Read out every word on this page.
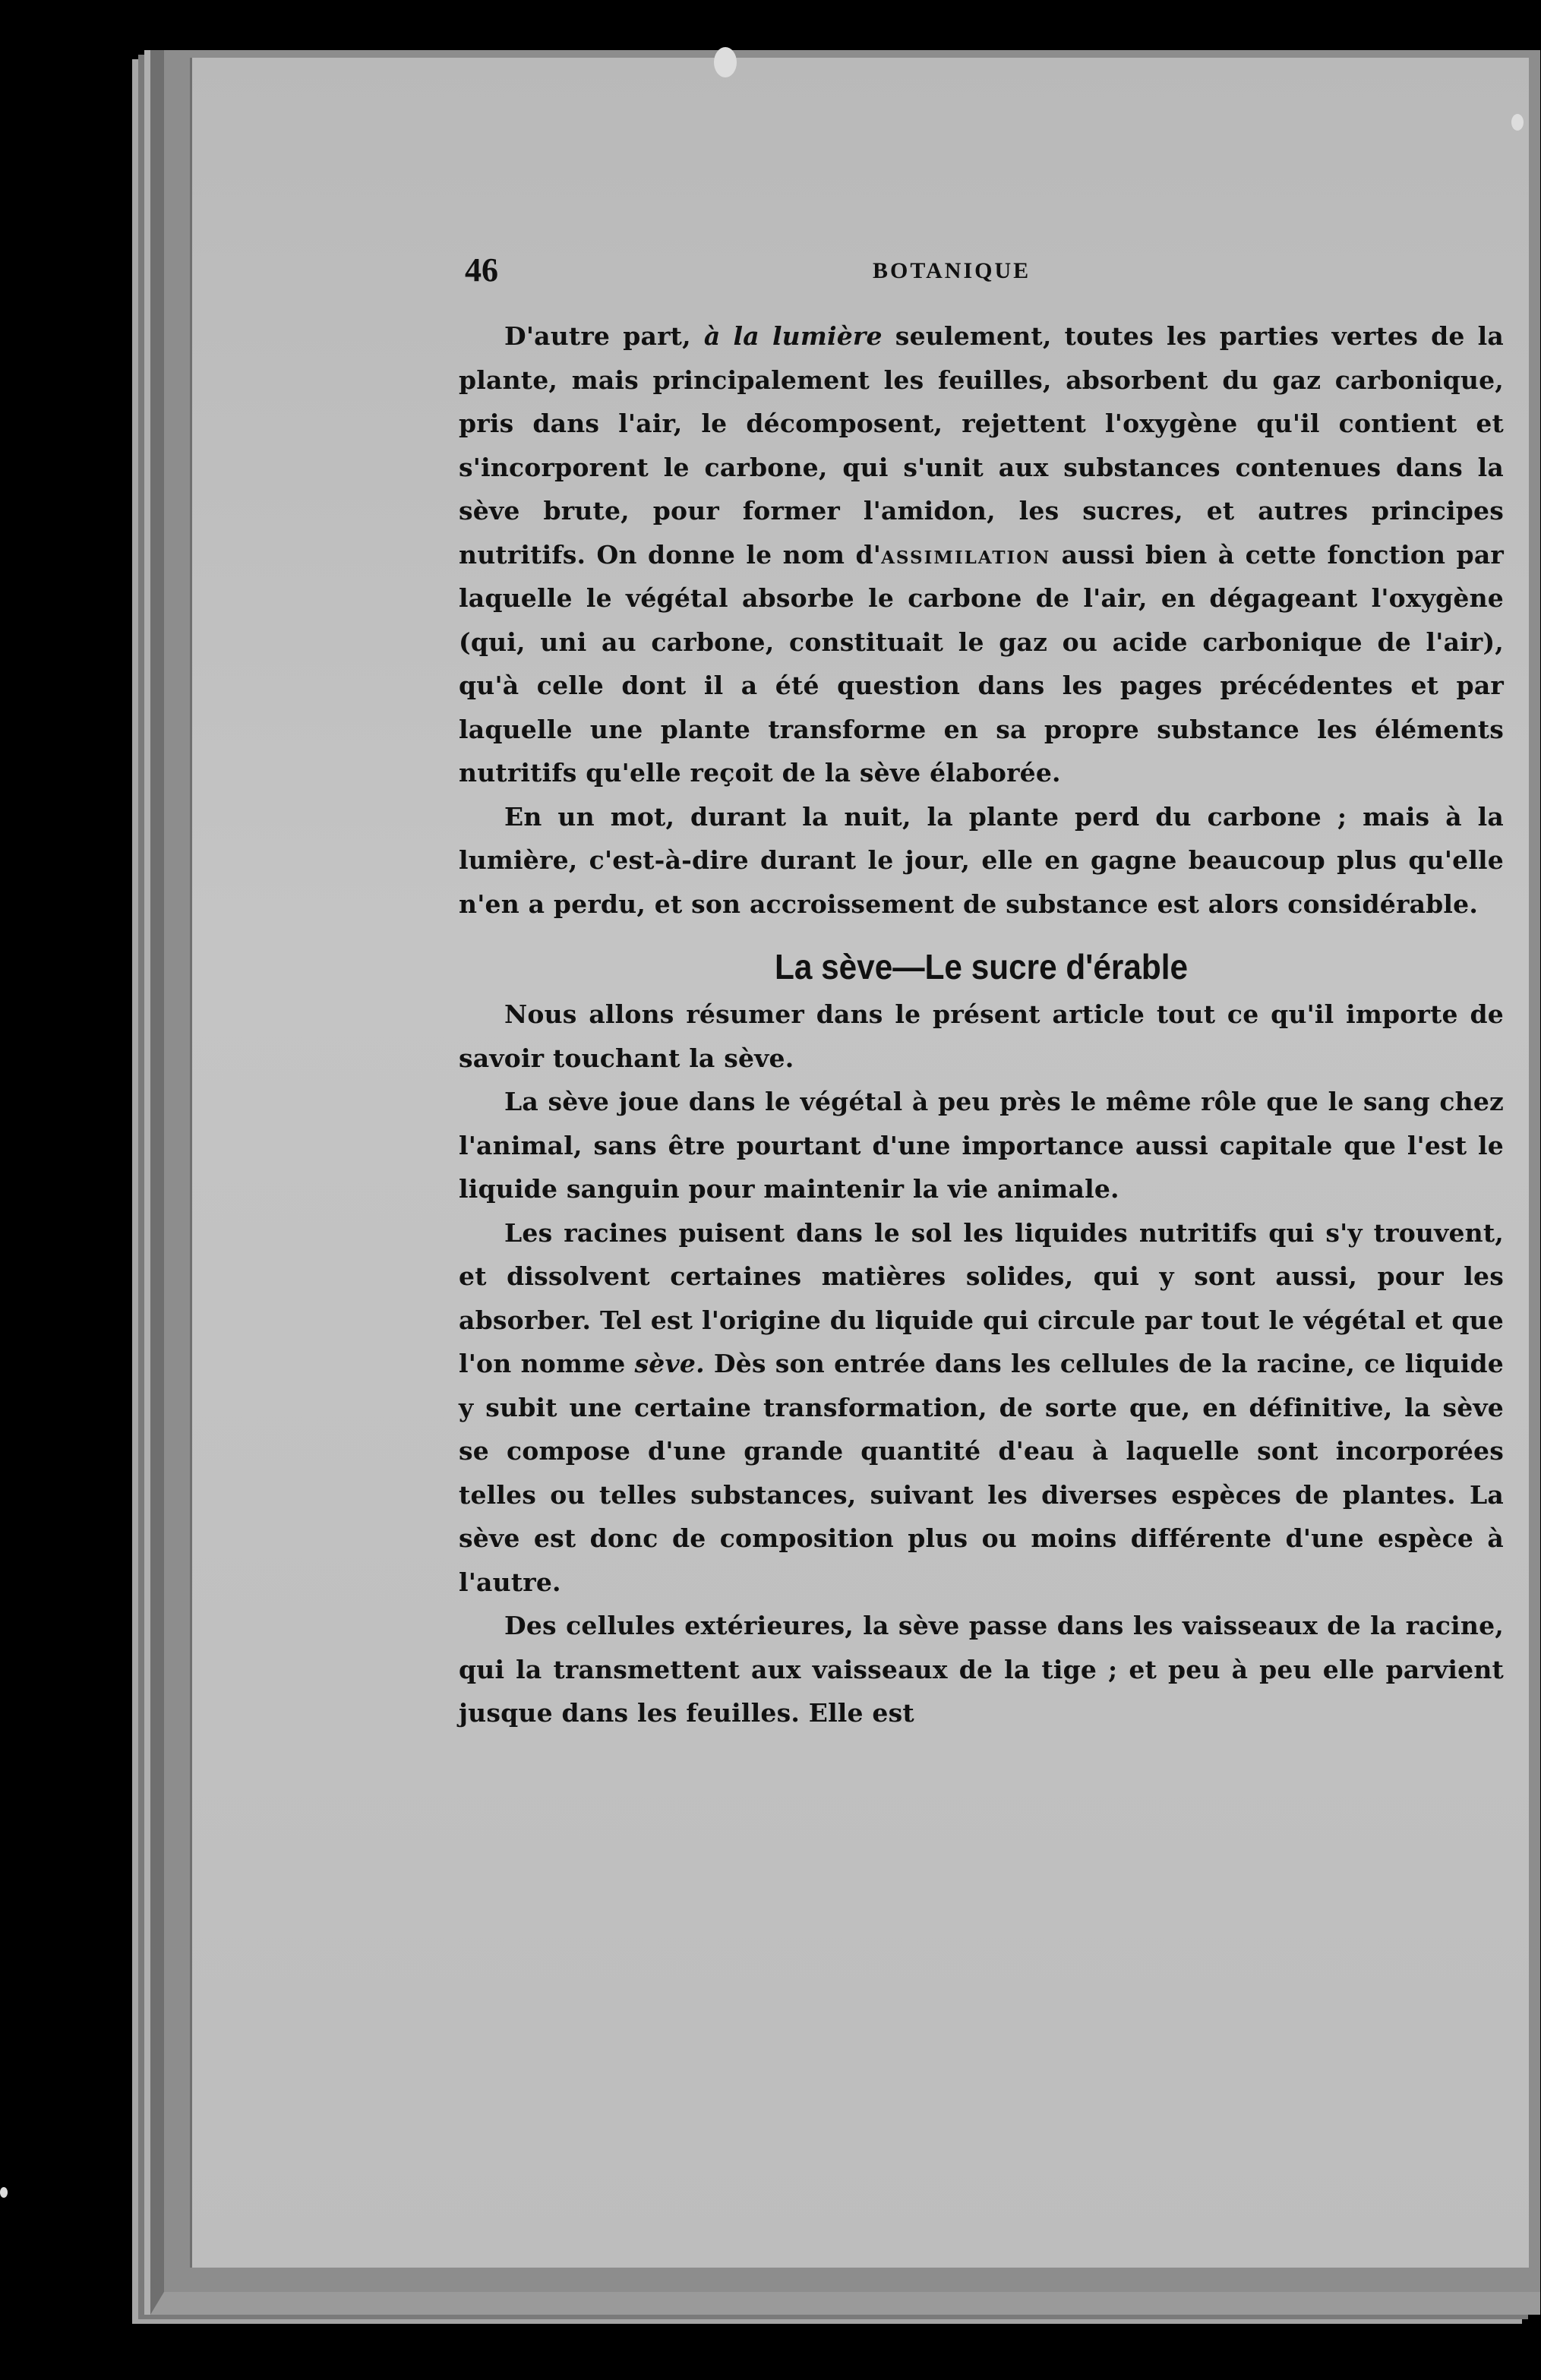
46	BOTANIQUE

D'autre part, à la lumière seulement, toutes les parties vertes de la plante, mais principalement les feuilles, absorbent du gaz carbonique, pris dans l'air, le décomposent, rejettent l'oxygène qu'il contient et s'incorporent le carbone, qui s'unit aux substances contenues dans la sève brute, pour former l'amidon, les sucres, et autres principes nutritifs. On donne le nom d'assimilation aussi bien à cette fonction par laquelle le végétal absorbe le carbone de l'air, en dégageant l'oxygène (qui, uni au carbone, constituait le gaz ou acide carbonique de l'air), qu'à celle dont il a été question dans les pages précédentes et par laquelle une plante transforme en sa propre substance les éléments nutritifs qu'elle reçoit de la sève élaborée.

En un mot, durant la nuit, la plante perd du carbone ; mais à la lumière, c'est-à-dire durant le jour, elle en gagne beaucoup plus qu'elle n'en a perdu, et son accroissement de substance est alors considérable.

La sève—Le sucre d'érable

Nous allons résumer dans le présent article tout ce qu'il importe de savoir touchant la sève.

La sève joue dans le végétal à peu près le même rôle que le sang chez l'animal, sans être pourtant d'une importance aussi capitale que l'est le liquide sanguin pour maintenir la vie animale.

Les racines puisent dans le sol les liquides nutritifs qui s'y trouvent, et dissolvent certaines matières solides, qui y sont aussi, pour les absorber. Tel est l'origine du liquide qui circule par tout le végétal et que l'on nomme sève. Dès son entrée dans les cellules de la racine, ce liquide y subit une certaine transformation, de sorte que, en définitive, la sève se compose d'une grande quantité d'eau à laquelle sont incorporées telles ou telles substances, suivant les diverses espèces de plantes. La sève est donc de composition plus ou moins différente d'une espèce à l'autre.

Des cellules extérieures, la sève passe dans les vaisseaux de la racine, qui la transmettent aux vaisseaux de la tige ; et peu à peu elle parvient jusque dans les feuilles. Elle est
